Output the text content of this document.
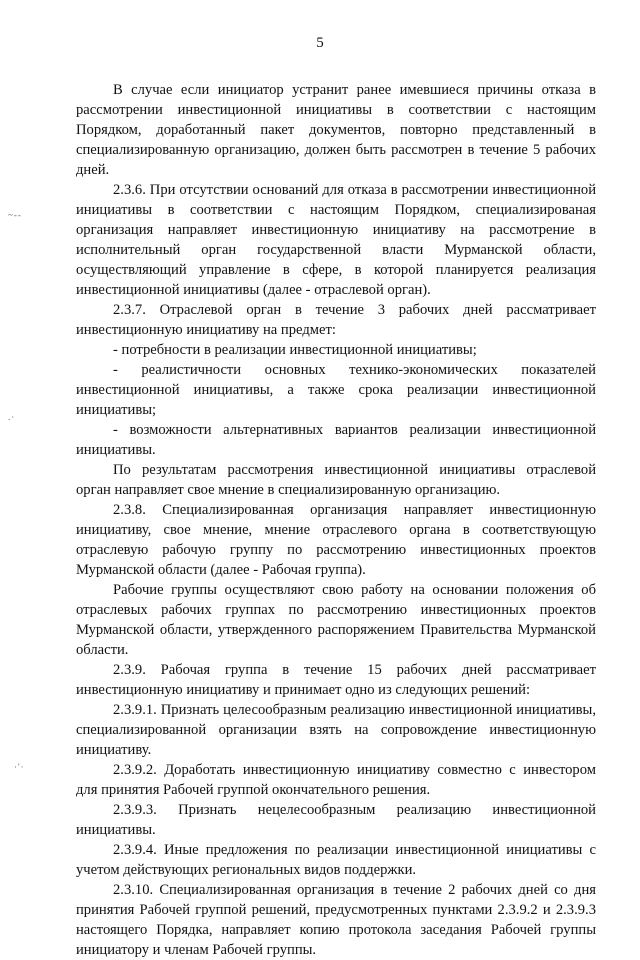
~--
.·
·'·
5

В случае если инициатор устранит ранее имевшиеся причины отказа в рассмотрении инвестиционной инициативы в соответствии с настоящим Порядком, доработанный пакет документов, повторно представленный в специализированную организацию, должен быть рассмотрен в течение 5 рабочих дней.

2.3.6. При отсутствии оснований для отказа в рассмотрении инвестиционной инициативы в соответствии с настоящим Порядком, специализированая организация направляет инвестиционную инициативу на рассмотрение в исполнительный орган государственной власти Мурманской области, осуществляющий управление в сфере, в которой планируется реализация инвестиционной инициативы (далее - отраслевой орган).

2.3.7. Отраслевой орган в течение 3 рабочих дней рассматривает инвестиционную инициативу на предмет:

- потребности в реализации инвестиционной инициативы;

- реалистичности основных технико-экономических показателей инвестиционной инициативы, а также срока реализации инвестиционной инициативы;

- возможности альтернативных вариантов реализации инвестиционной инициативы.

По результатам рассмотрения инвестиционной инициативы отраслевой орган направляет свое мнение в специализированную организацию.

2.3.8. Специализированная организация направляет инвестиционную инициативу, свое мнение, мнение отраслевого органа в соответствующую отраслевую рабочую группу по рассмотрению инвестиционных проектов Мурманской области (далее - Рабочая группа).

Рабочие группы осуществляют свою работу на основании положения об отраслевых рабочих группах по рассмотрению инвестиционных проектов Мурманской области, утвержденного распоряжением Правительства Мурманской области.

2.3.9. Рабочая группа в течение 15 рабочих дней рассматривает инвестиционную инициативу и принимает одно из следующих решений:

2.3.9.1. Признать целесообразным реализацию инвестиционной инициативы, специализированной организации взять на сопровождение инвестиционную инициативу.

2.3.9.2. Доработать инвестиционную инициативу совместно с инвестором для принятия Рабочей группой окончательного решения.

2.3.9.3. Признать нецелесообразным реализацию инвестиционной инициативы.

2.3.9.4. Иные предложения по реализации инвестиционной инициативы с учетом действующих региональных видов поддержки.

2.3.10. Специализированная организация в течение 2 рабочих дней со дня принятия Рабочей группой решений, предусмотренных пунктами 2.3.9.2 и 2.3.9.3 настоящего Порядка, направляет копию протокола заседания Рабочей группы инициатору и членам Рабочей группы.
